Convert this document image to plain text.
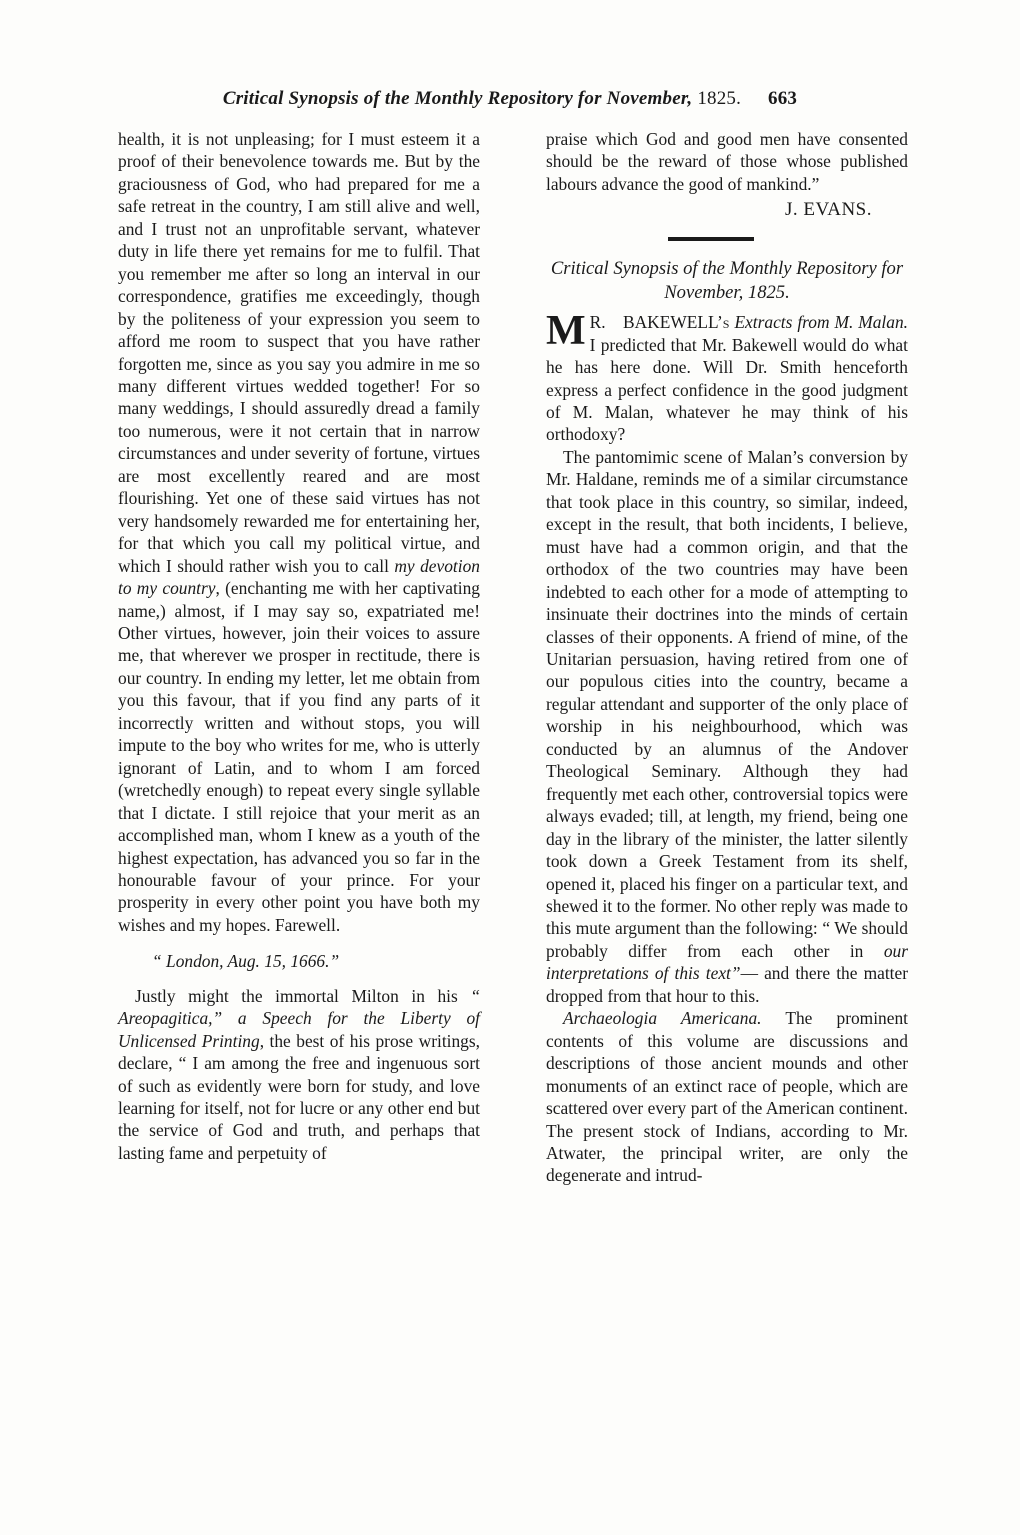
Critical Synopsis of the Monthly Repository for November, 1825. 663

health, it is not unpleasing; for I must esteem it a proof of their benevolence towards me. But by the graciousness of God, who had prepared for me a safe retreat in the country, I am still alive and well, and I trust not an unprofitable servant, whatever duty in life there yet remains for me to fulfil. That you remember me after so long an interval in our correspondence, gratifies me exceedingly, though by the politeness of your expression you seem to afford me room to suspect that you have rather forgotten me, since as you say you admire in me so many different virtues wedded together! For so many weddings, I should assuredly dread a family too numerous, were it not certain that in narrow circumstances and under severity of fortune, virtues are most excellently reared and are most flourishing. Yet one of these said virtues has not very handsomely rewarded me for entertaining her, for that which you call my political virtue, and which I should rather wish you to call my devotion to my country, (enchanting me with her captivating name,) almost, if I may say so, expatriated me! Other virtues, however, join their voices to assure me, that wherever we prosper in rectitude, there is our country. In ending my letter, let me obtain from you this favour, that if you find any parts of it incorrectly written and without stops, you will impute to the boy who writes for me, who is utterly ignorant of Latin, and to whom I am forced (wretchedly enough) to repeat every single syllable that I dictate. I still rejoice that your merit as an accomplished man, whom I knew as a youth of the highest expectation, has advanced you so far in the honourable favour of your prince. For your prosperity in every other point you have both my wishes and my hopes. Farewell.

“ London, Aug. 15, 1666.”

Justly might the immortal Milton in his “ Areopagitica,” a Speech for the Liberty of Unlicensed Printing, the best of his prose writings, declare, “ I am among the free and ingenuous sort of such as evidently were born for study, and love learning for itself, not for lucre or any other end but the service of God and truth, and perhaps that lasting fame and perpetuity of

praise which God and good men have consented should be the reward of those whose published labours advance the good of mankind.”

J. EVANS.
Critical Synopsis of the Monthly Repository for November, 1825.

M R. BAKEWELL’s Extracts from M. Malan. I predicted that Mr. Bakewell would do what he has here done. Will Dr. Smith henceforth express a perfect confidence in the good judgment of M. Malan, whatever he may think of his orthodoxy?

The pantomimic scene of Malan’s conversion by Mr. Haldane, reminds me of a similar circumstance that took place in this country, so similar, indeed, except in the result, that both incidents, I believe, must have had a common origin, and that the orthodox of the two countries may have been indebted to each other for a mode of attempting to insinuate their doctrines into the minds of certain classes of their opponents. A friend of mine, of the Unitarian persuasion, having retired from one of our populous cities into the country, became a regular attendant and supporter of the only place of worship in his neighbourhood, which was conducted by an alumnus of the Andover Theological Seminary. Although they had frequently met each other, controversial topics were always evaded; till, at length, my friend, being one day in the library of the minister, the latter silently took down a Greek Testament from its shelf, opened it, placed his finger on a particular text, and shewed it to the former. No other reply was made to this mute argument than the following: “ We should probably differ from each other in our interpretations of this text”— and there the matter dropped from that hour to this.

Archaeologia Americana. The prominent contents of this volume are discussions and descriptions of those ancient mounds and other monuments of an extinct race of people, which are scattered over every part of the American continent. The present stock of Indians, according to Mr. Atwater, the principal writer, are only the degenerate and intrud-
